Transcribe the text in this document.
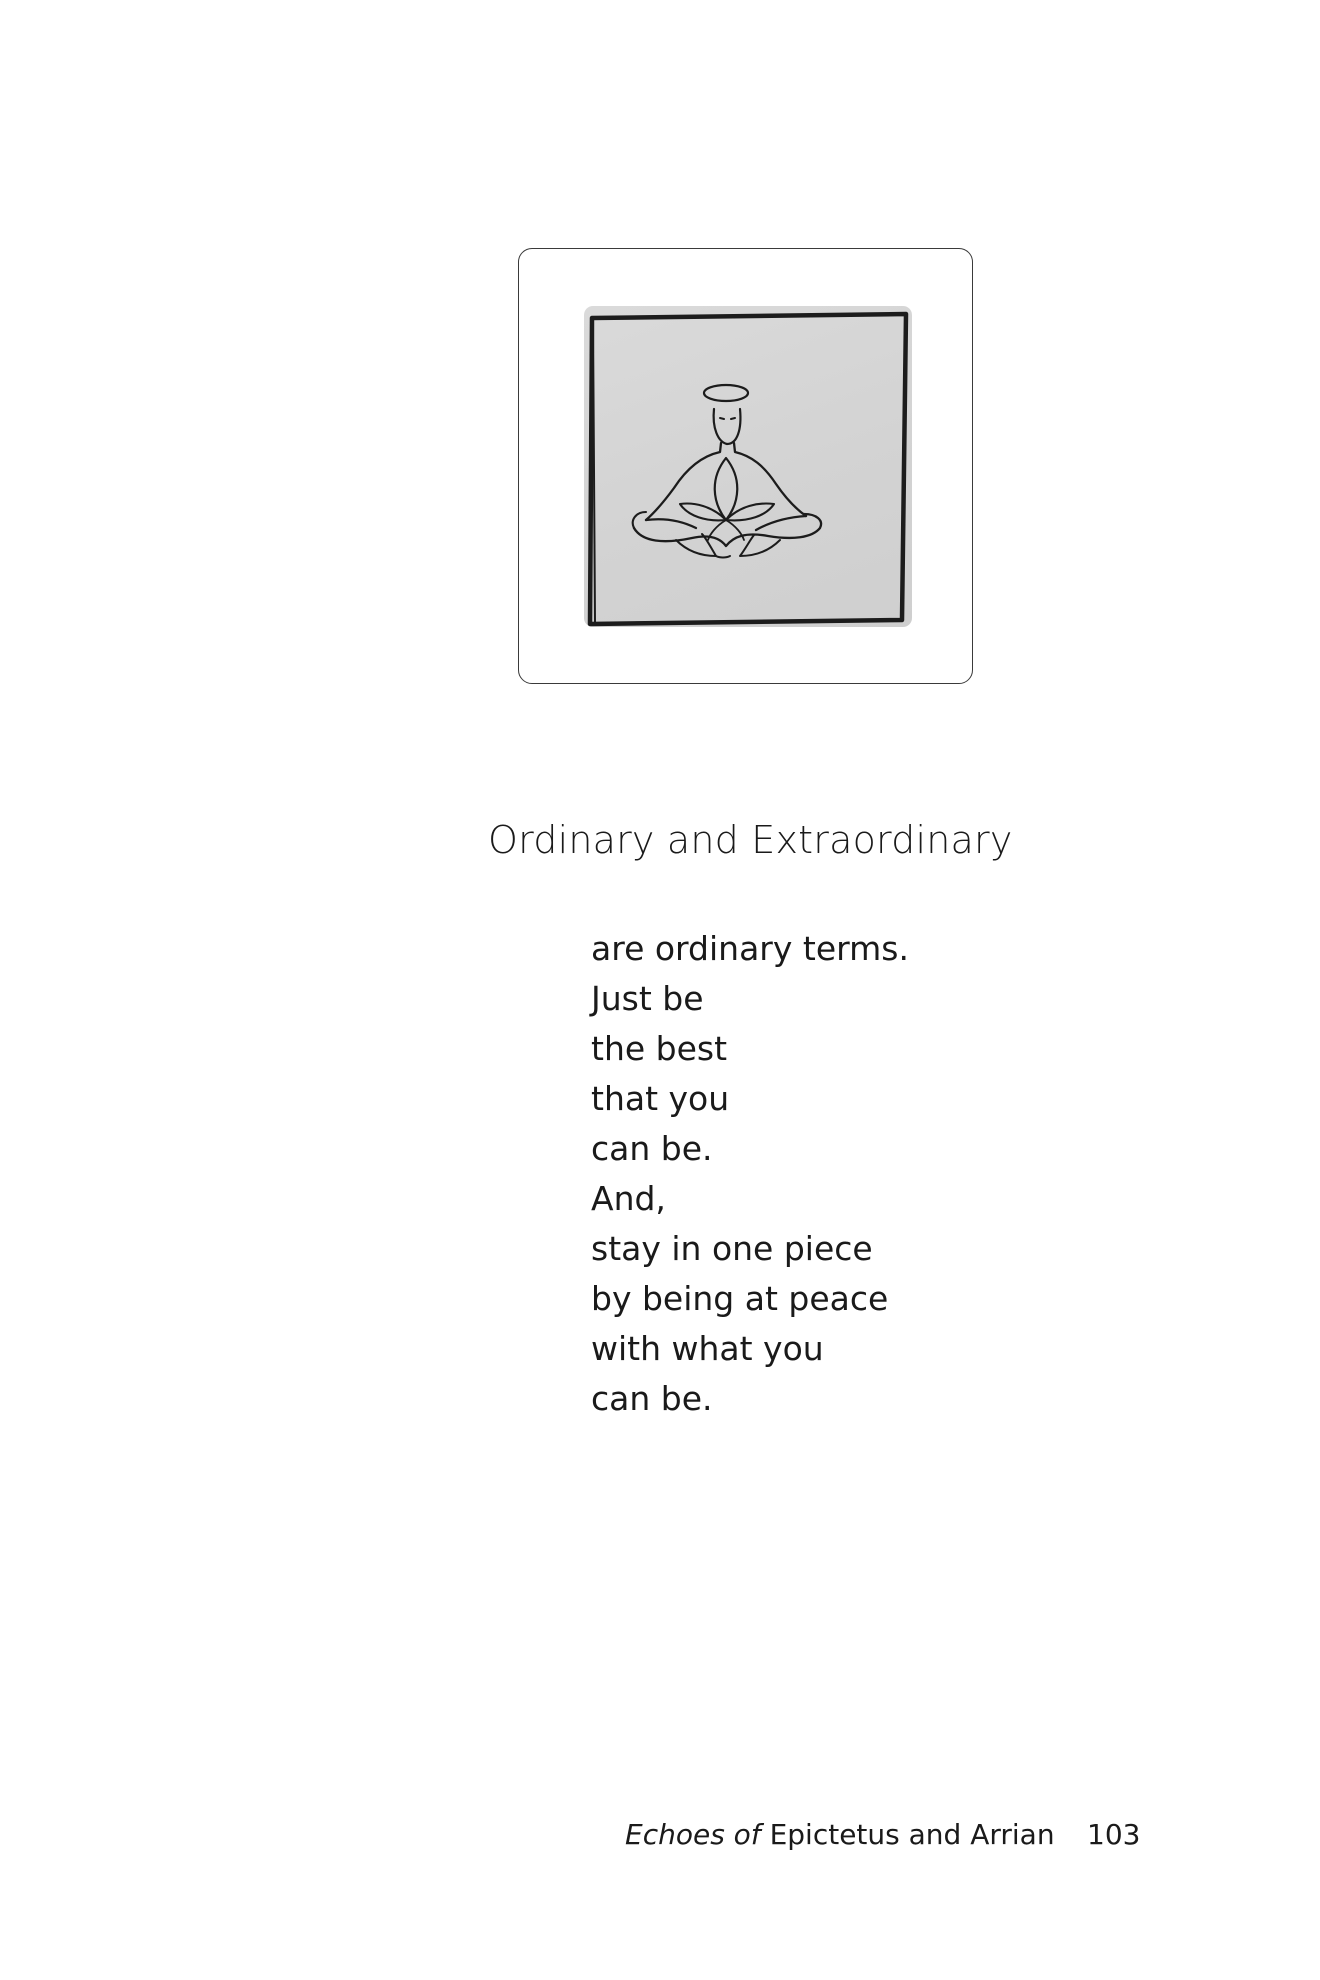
Ordinary and Extraordinary
are ordinary terms.
Just be
the best
that you
can be.
And,
stay in one piece
by being at peace
with what you
can be.
Echoes of Epictetus and Arrian 103
